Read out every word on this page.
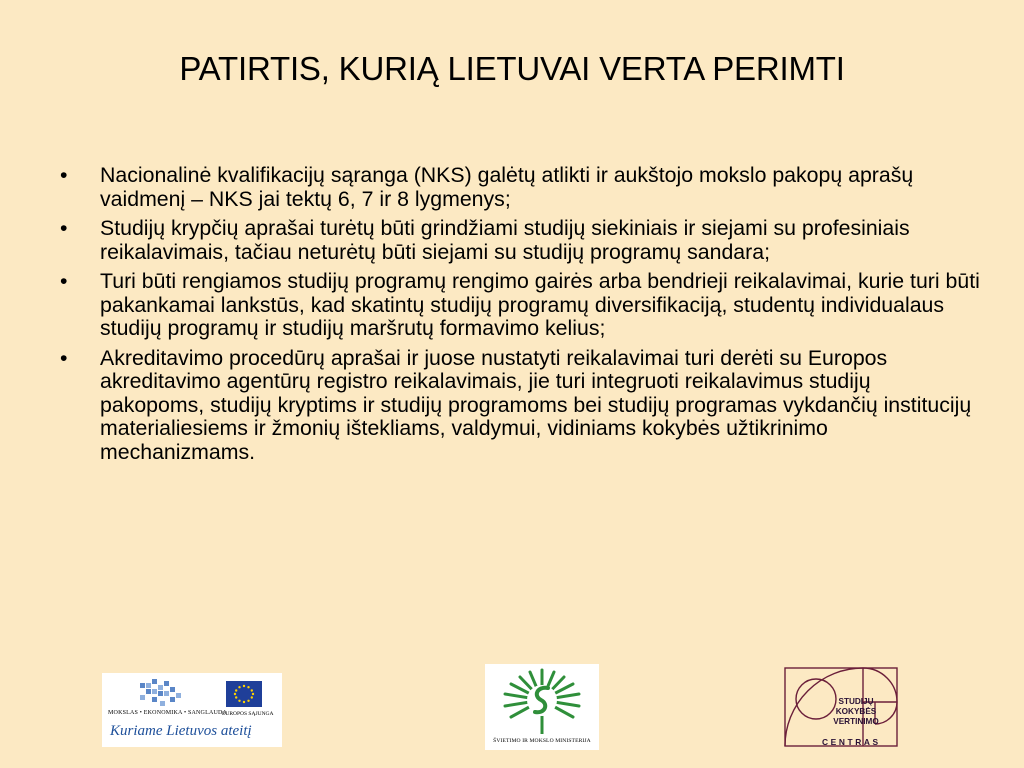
PATIRTIS, KURIĄ LIETUVAI VERTA PERIMTI
• Nacionalinė kvalifikacijų sąranga (NKS) galėtų atlikti ir aukštojo mokslo pakopų aprašų vaidmenį – NKS jai tektų 6, 7 ir 8 lygmenys;
• Studijų krypčių aprašai turėtų būti grindžiami studijų siekiniais ir siejami su profesiniais reikalavimais, tačiau neturėtų būti siejami su studijų programų sandara;
• Turi būti rengiamos studijų programų rengimo gairės arba bendrieji reikalavimai, kurie turi būti pakankamai lankstūs, kad skatintų studijų programų diversifikaciją, studentų individualaus studijų programų ir studijų maršrutų formavimo kelius;
• Akreditavimo procedūrų aprašai ir juose nustatyti reikalavimai turi derėti su Europos akreditavimo agentūrų registro reikalavimais, jie turi integruoti reikalavimus studijų pakopoms, studijų kryptims ir studijų programoms bei studijų programas vykdančių institucijų materialiesiems ir žmonių ištekliams, valdymui, vidiniams kokybės užtikrinimo mechanizmams.
MOKSLAS • EKONOMIKA • SANGLAUDA
EUROPOS SĄJUNGA
Kuriame Lietuvos ateitį
ŠVIETIMO IR MOKSLO MINISTERIJA
STUDIJŲ
KOKYBĖS
VERTINIMO
CENTRAS
